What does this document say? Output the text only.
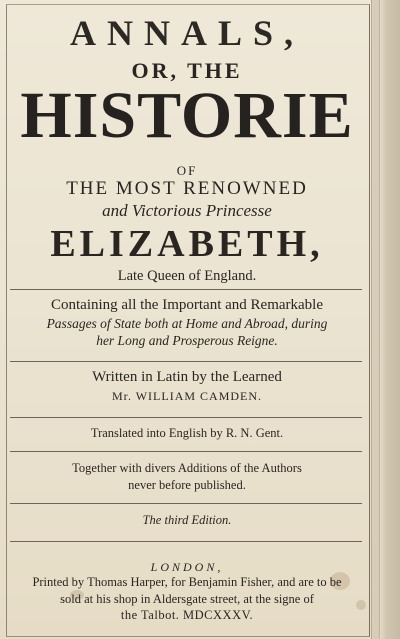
ANNALS,
OR, THE
HISTORIE
OF
THE MOST RENOWNED
and Victorious Princesse
ELIZABETH,
Late Queen of England.
Containing all the Important and Remarkable
Passages of State both at Home and Abroad, during
her Long and Prosperous Reigne.
Written in Latin by the Learned
Mr. WILLIAM CAMDEN.
Translated into English by R. N. Gent.
Together with divers Additions of the Authors
never before published.
The third Edition.
LONDON,
Printed by Thomas Harper, for Benjamin Fisher, and are to be
sold at his shop in Aldersgate street, at the signe of
the Talbot. MDCXXXV.
